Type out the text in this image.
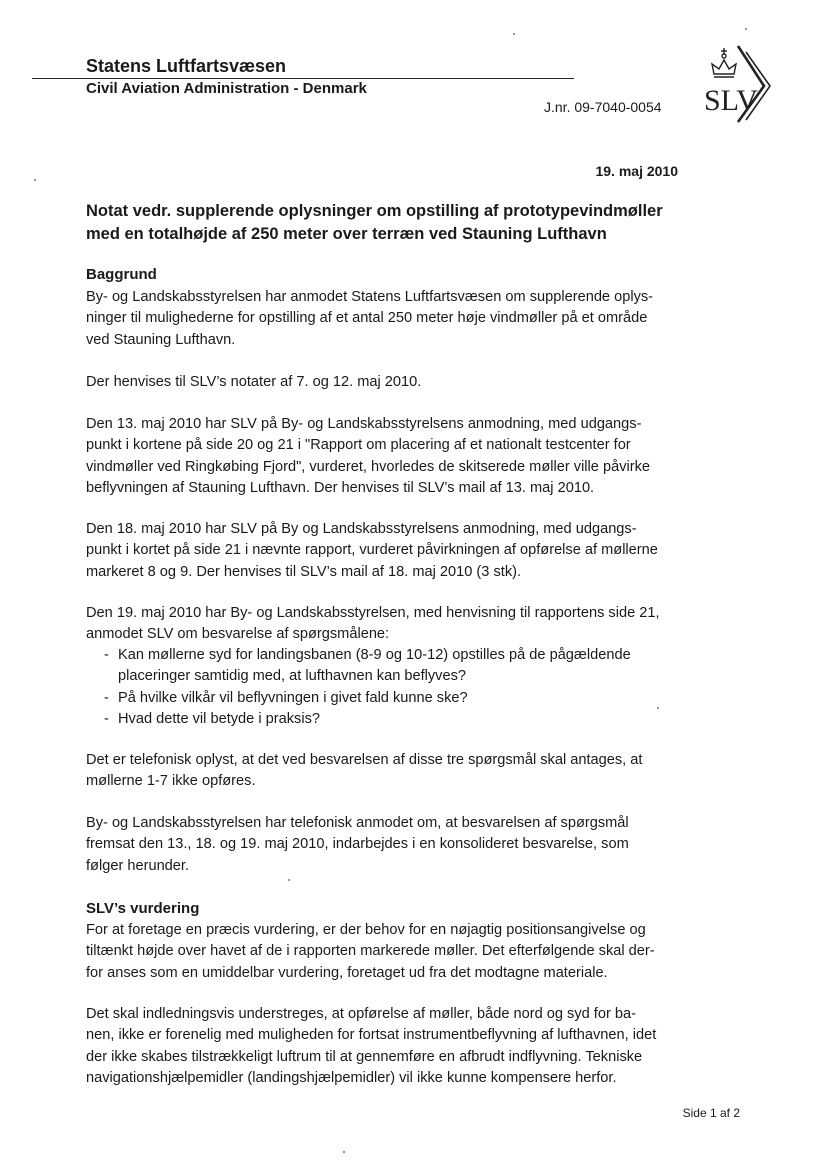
Statens Luftfartsvæsen
Civil Aviation Administration - Denmark
J.nr. 09-7040-0054 SLV
19. maj 2010
Notat vedr. supplerende oplysninger om opstilling af prototypevindmøller
med en totalhøjde af 250 meter over terræn ved Stauning Lufthavn
Baggrund
By- og Landskabsstyrelsen har anmodet Statens Luftfartsvæsen om supplerende oplys-
ninger til mulighederne for opstilling af et antal 250 meter høje vindmøller på et område
ved Stauning Lufthavn.
Der henvises til SLV’s notater af 7. og 12. maj 2010.
Den 13. maj 2010 har SLV på By- og Landskabsstyrelsens anmodning, med udgangs-
punkt i kortene på side 20 og 21 i "Rapport om placering af et nationalt testcenter for
vindmøller ved Ringkøbing Fjord", vurderet, hvorledes de skitserede møller ville påvirke
beflyvningen af Stauning Lufthavn. Der henvises til SLV’s mail af 13. maj 2010.
Den 18. maj 2010 har SLV på By og Landskabsstyrelsens anmodning, med udgangs-
punkt i kortet på side 21 i nævnte rapport, vurderet påvirkningen af opførelse af møllerne
markeret 8 og 9. Der henvises til SLV’s mail af 18. maj 2010 (3 stk).
Den 19. maj 2010 har By- og Landskabsstyrelsen, med henvisning til rapportens side 21,
anmodet SLV om besvarelse af spørgsmålene:
- Kan møllerne syd for landingsbanen (8-9 og 10-12) opstilles på de pågældende
placeringer samtidig med, at lufthavnen kan beflyves?
- På hvilke vilkår vil beflyvningen i givet fald kunne ske?
- Hvad dette vil betyde i praksis?
Det er telefonisk oplyst, at det ved besvarelsen af disse tre spørgsmål skal antages, at
møllerne 1-7 ikke opføres.
By- og Landskabsstyrelsen har telefonisk anmodet om, at besvarelsen af spørgsmål
fremsat den 13., 18. og 19. maj 2010, indarbejdes i en konsolideret besvarelse, som
følger herunder.
SLV’s vurdering
For at foretage en præcis vurdering, er der behov for en nøjagtig positionsangivelse og
tiltænkt højde over havet af de i rapporten markerede møller. Det efterfølgende skal der-
for anses som en umiddelbar vurdering, foretaget ud fra det modtagne materiale.
Det skal indledningsvis understreges, at opførelse af møller, både nord og syd for ba-
nen, ikke er forenelig med muligheden for fortsat instrumentbeflyvning af lufthavnen, idet
der ikke skabes tilstrækkeligt luftrum til at gennemføre en afbrudt indflyvning. Tekniske
navigationshjælpemidler (landingshjælpemidler) vil ikke kunne kompensere herfor.
Side 1 af 2
